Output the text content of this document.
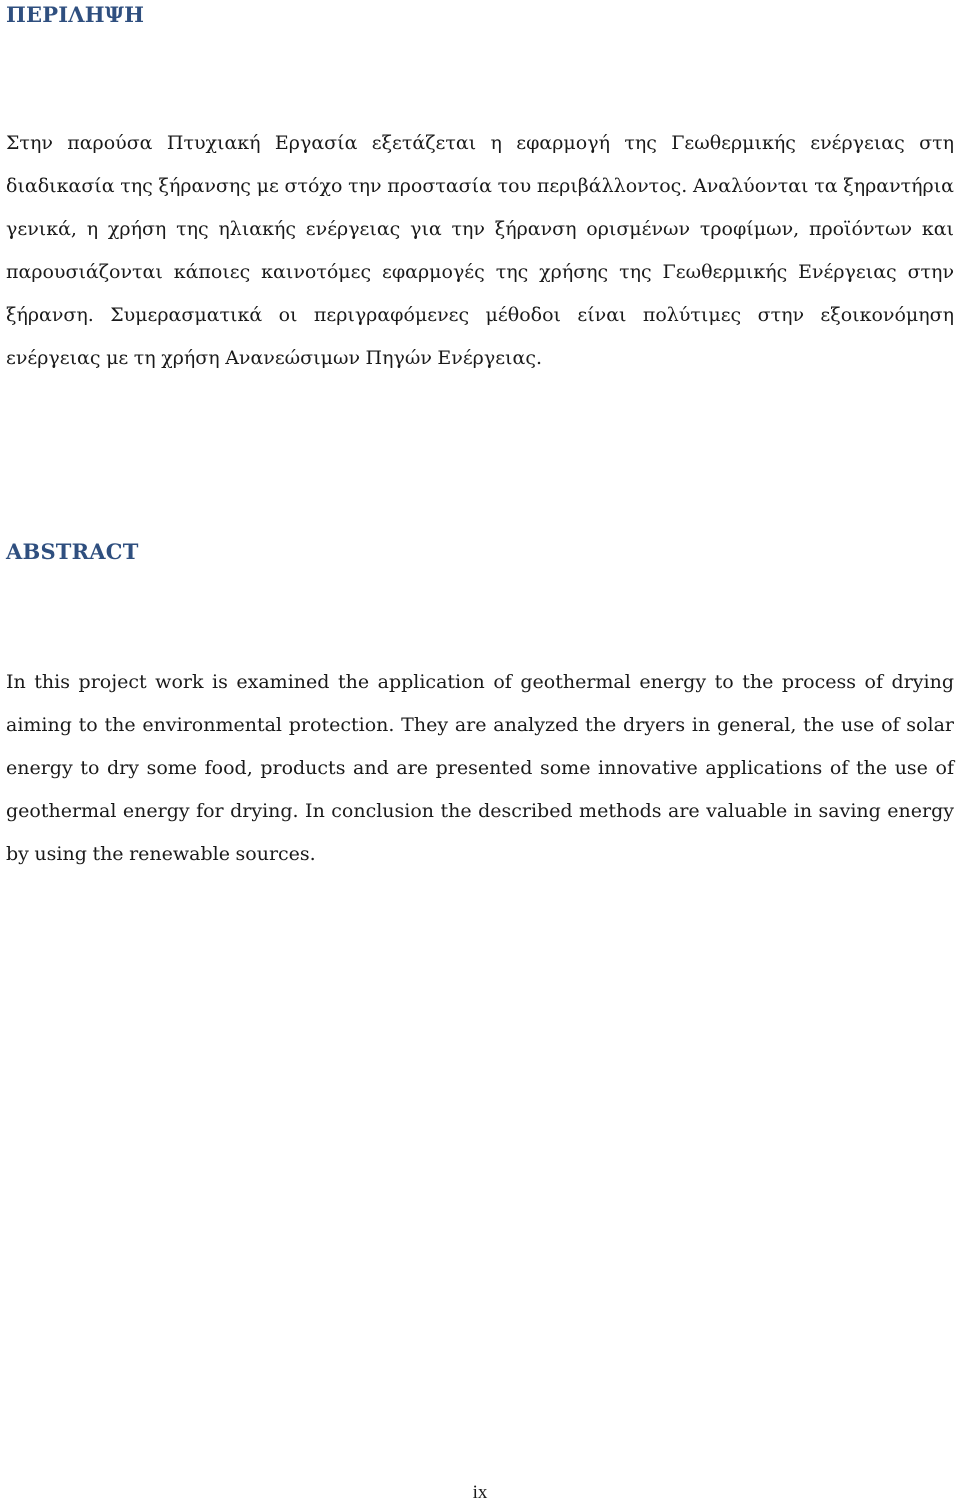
ΠΕΡΙΛΗΨΗ

Στην παρούσα Πτυχιακή Εργασία εξετάζεται η εφαρμογή της Γεωθερμικής ενέργειας στη διαδικασία της ξήρανσης με στόχο την προστασία του περιβάλλοντος. Αναλύονται τα ξηραντήρια γενικά, η χρήση της ηλιακής ενέργειας για την ξήρανση ορισμένων τροφίμων, προϊόντων και παρουσιάζονται κάποιες καινοτόμες εφαρμογές της χρήσης της Γεωθερμικής Ενέργειας στην ξήρανση. Συμερασματικά οι περιγραφόμενες μέθοδοι είναι πολύτιμες στην εξοικονόμηση ενέργειας με τη χρήση Ανανεώσιμων Πηγών Ενέργειας.

ABSTRACT

In this project work is examined the application of geothermal energy to the process of drying aiming to the environmental protection. They are analyzed the dryers in general, the use of solar energy to dry some food, products and are presented some innovative applications of the use of geothermal energy for drying. In conclusion the described methods are valuable in saving energy by using the renewable sources.

ix
